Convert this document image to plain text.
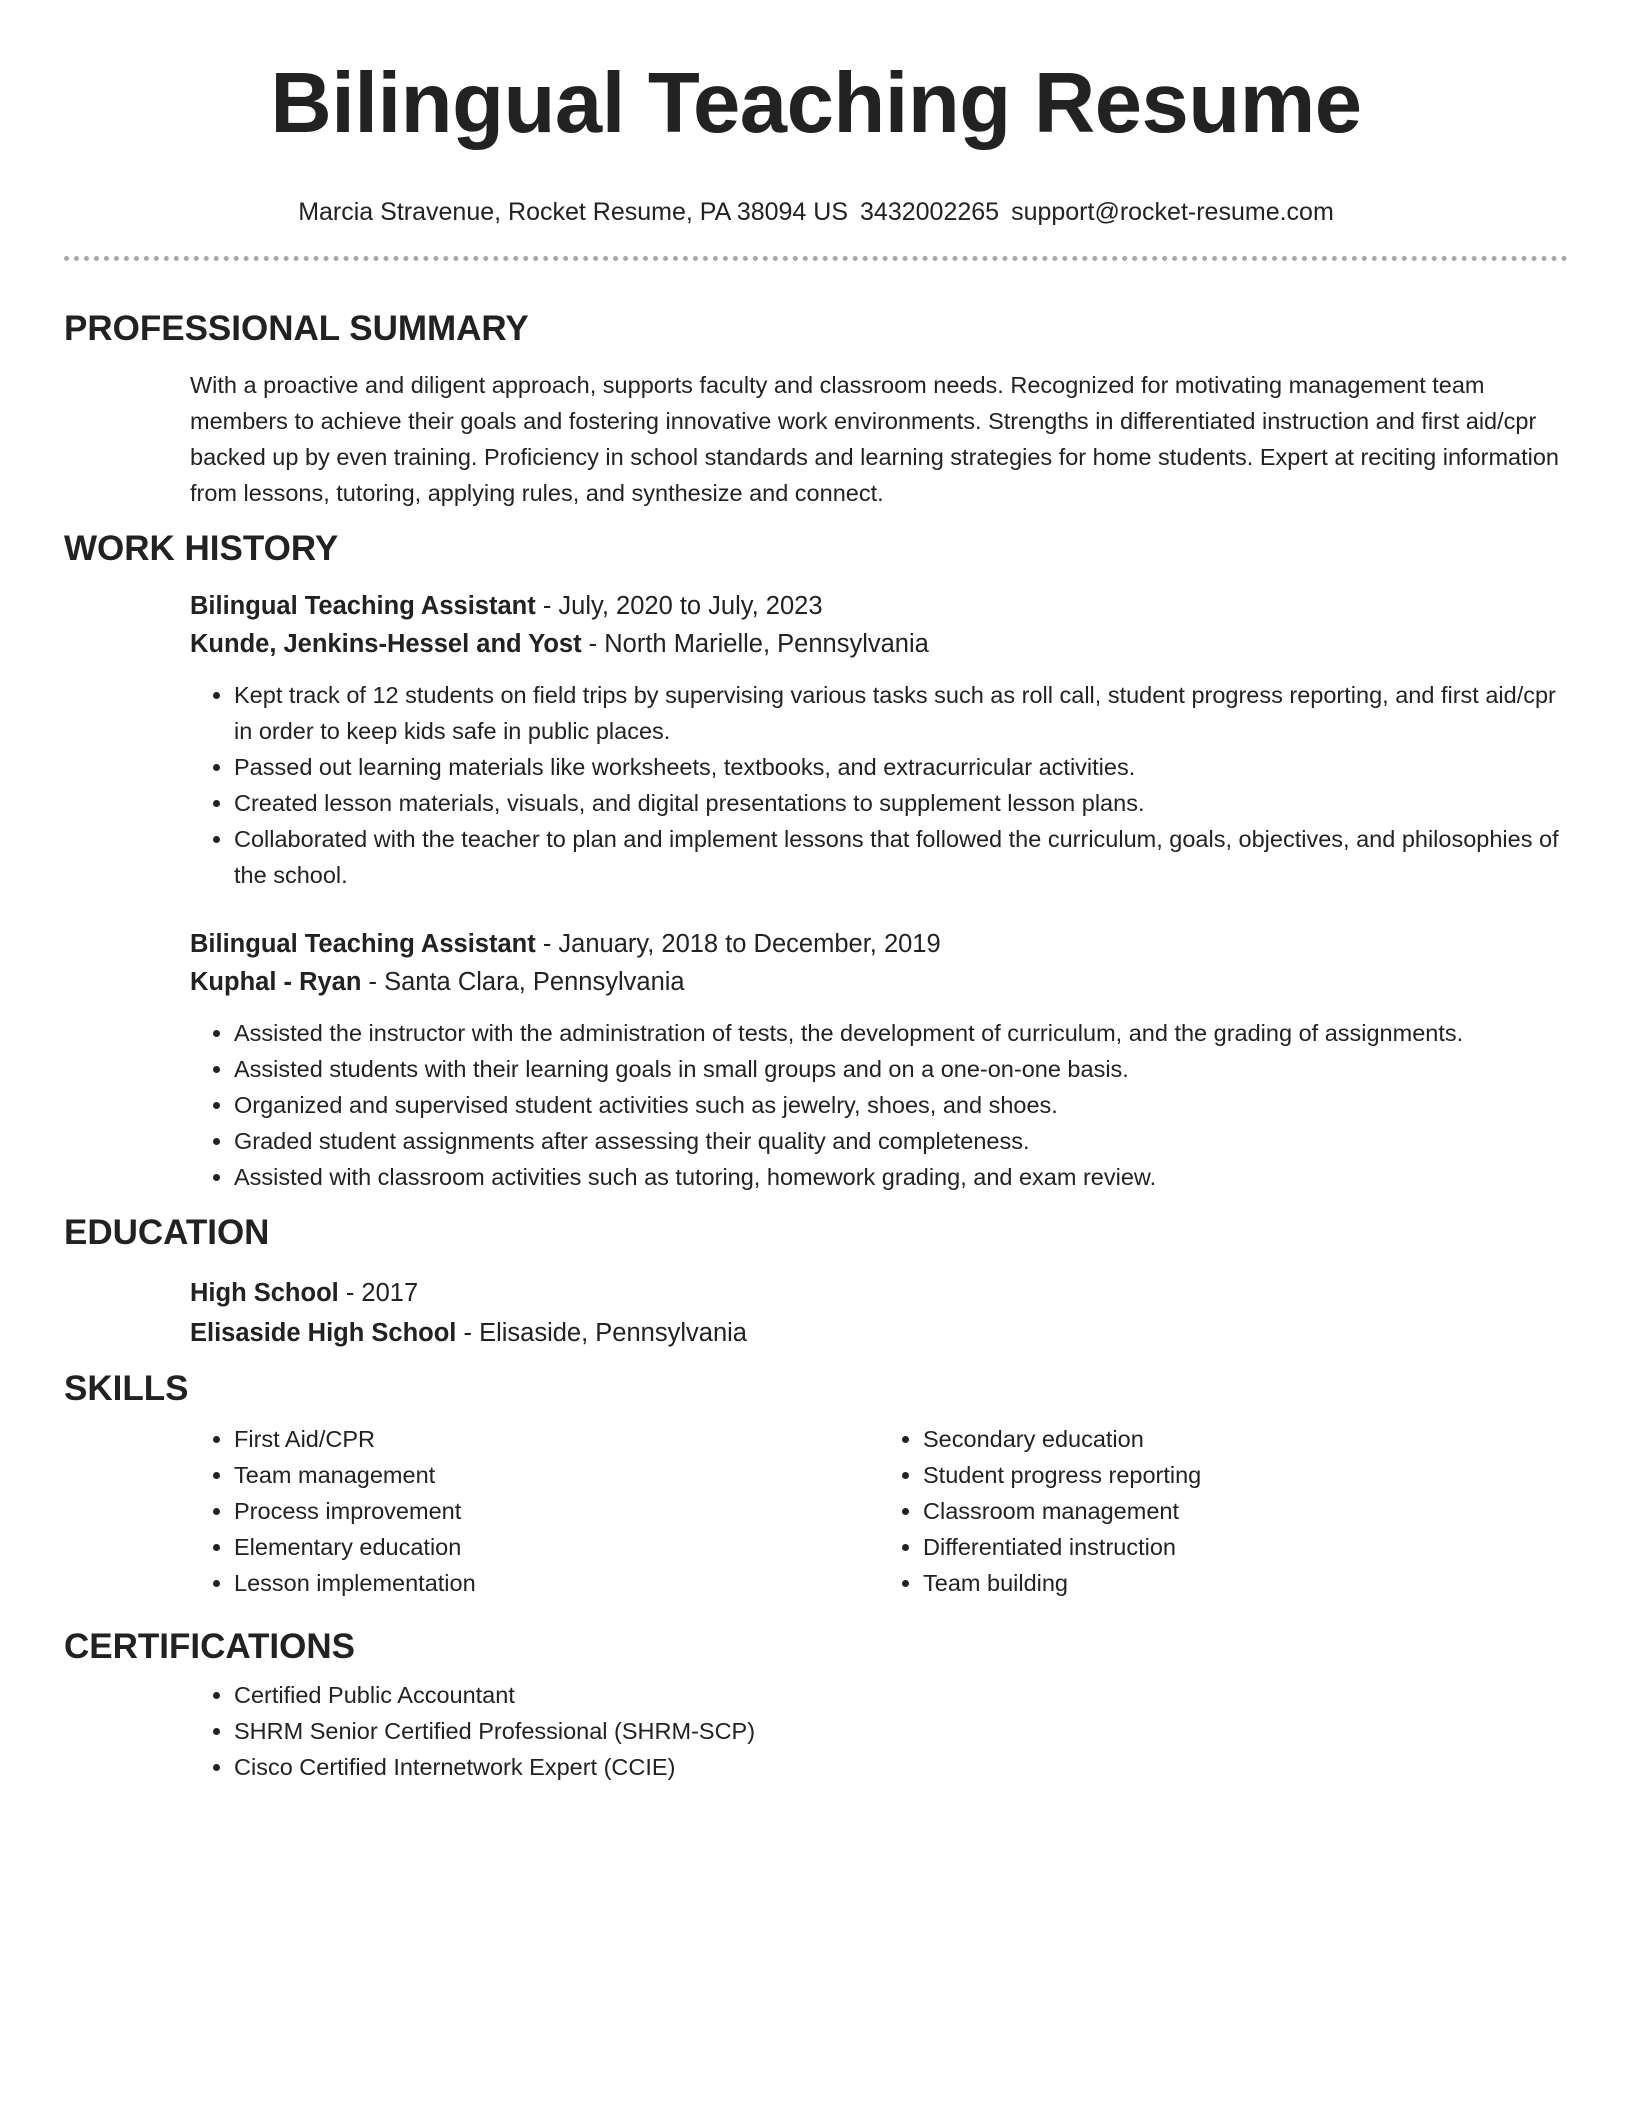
Bilingual Teaching Resume
Marcia Stravenue, Rocket Resume, PA 38094 US 3432002265 support@rocket-resume.com
PROFESSIONAL SUMMARY
With a proactive and diligent approach, supports faculty and classroom needs. Recognized for motivating management team members to achieve their goals and fostering innovative work environments. Strengths in differentiated instruction and first aid/cpr backed up by even training. Proficiency in school standards and learning strategies for home students. Expert at reciting information from lessons, tutoring, applying rules, and synthesize and connect.
WORK HISTORY
Bilingual Teaching Assistant - July, 2020 to July, 2023
Kunde, Jenkins-Hessel and Yost - North Marielle, Pennsylvania
• Kept track of 12 students on field trips by supervising various tasks such as roll call, student progress reporting, and first aid/cpr in order to keep kids safe in public places.
• Passed out learning materials like worksheets, textbooks, and extracurricular activities.
• Created lesson materials, visuals, and digital presentations to supplement lesson plans.
• Collaborated with the teacher to plan and implement lessons that followed the curriculum, goals, objectives, and philosophies of the school.
Bilingual Teaching Assistant - January, 2018 to December, 2019
Kuphal - Ryan - Santa Clara, Pennsylvania
• Assisted the instructor with the administration of tests, the development of curriculum, and the grading of assignments.
• Assisted students with their learning goals in small groups and on a one-on-one basis.
• Organized and supervised student activities such as jewelry, shoes, and shoes.
• Graded student assignments after assessing their quality and completeness.
• Assisted with classroom activities such as tutoring, homework grading, and exam review.
EDUCATION
High School - 2017
Elisaside High School - Elisaside, Pennsylvania
SKILLS
• First Aid/CPR
• Team management
• Process improvement
• Elementary education
• Lesson implementation
• Secondary education
• Student progress reporting
• Classroom management
• Differentiated instruction
• Team building
CERTIFICATIONS
• Certified Public Accountant
• SHRM Senior Certified Professional (SHRM-SCP)
• Cisco Certified Internetwork Expert (CCIE)
